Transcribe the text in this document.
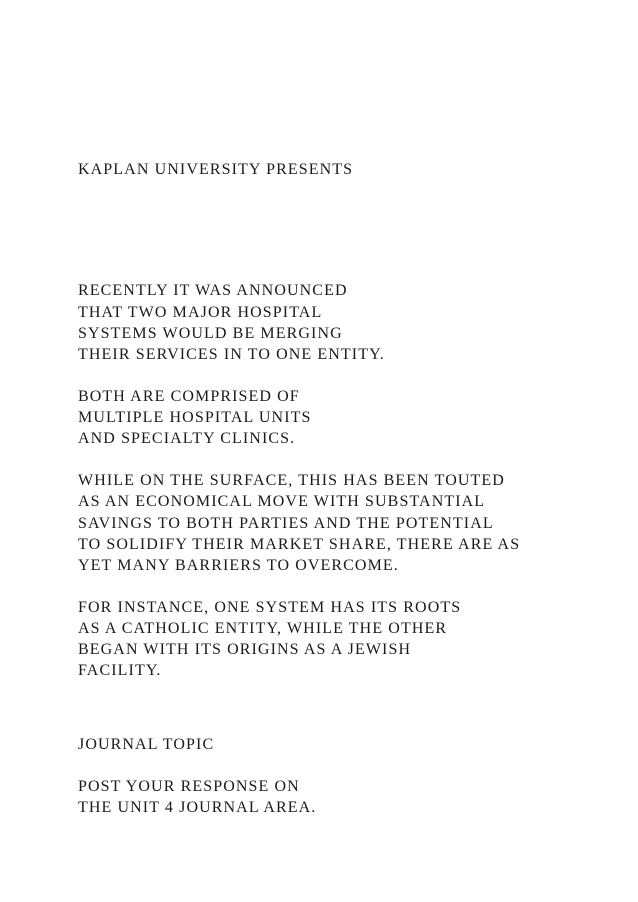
KAPLAN UNIVERSITY PRESENTS

RECENTLY IT WAS ANNOUNCED

THAT TWO MAJOR HOSPITAL

SYSTEMS WOULD BE MERGING

THEIR SERVICES IN TO ONE ENTITY.

BOTH ARE COMPRISED OF

MULTIPLE HOSPITAL UNITS

AND SPECIALTY CLINICS.

WHILE ON THE SURFACE, THIS HAS BEEN TOUTED

AS AN ECONOMICAL MOVE WITH SUBSTANTIAL

SAVINGS TO BOTH PARTIES AND THE POTENTIAL

TO SOLIDIFY THEIR MARKET SHARE, THERE ARE AS

YET MANY BARRIERS TO OVERCOME.

FOR INSTANCE, ONE SYSTEM HAS ITS ROOTS

AS A CATHOLIC ENTITY, WHILE THE OTHER

BEGAN WITH ITS ORIGINS AS A JEWISH

FACILITY.

JOURNAL TOPIC

POST YOUR RESPONSE ON

THE UNIT 4 JOURNAL AREA.
